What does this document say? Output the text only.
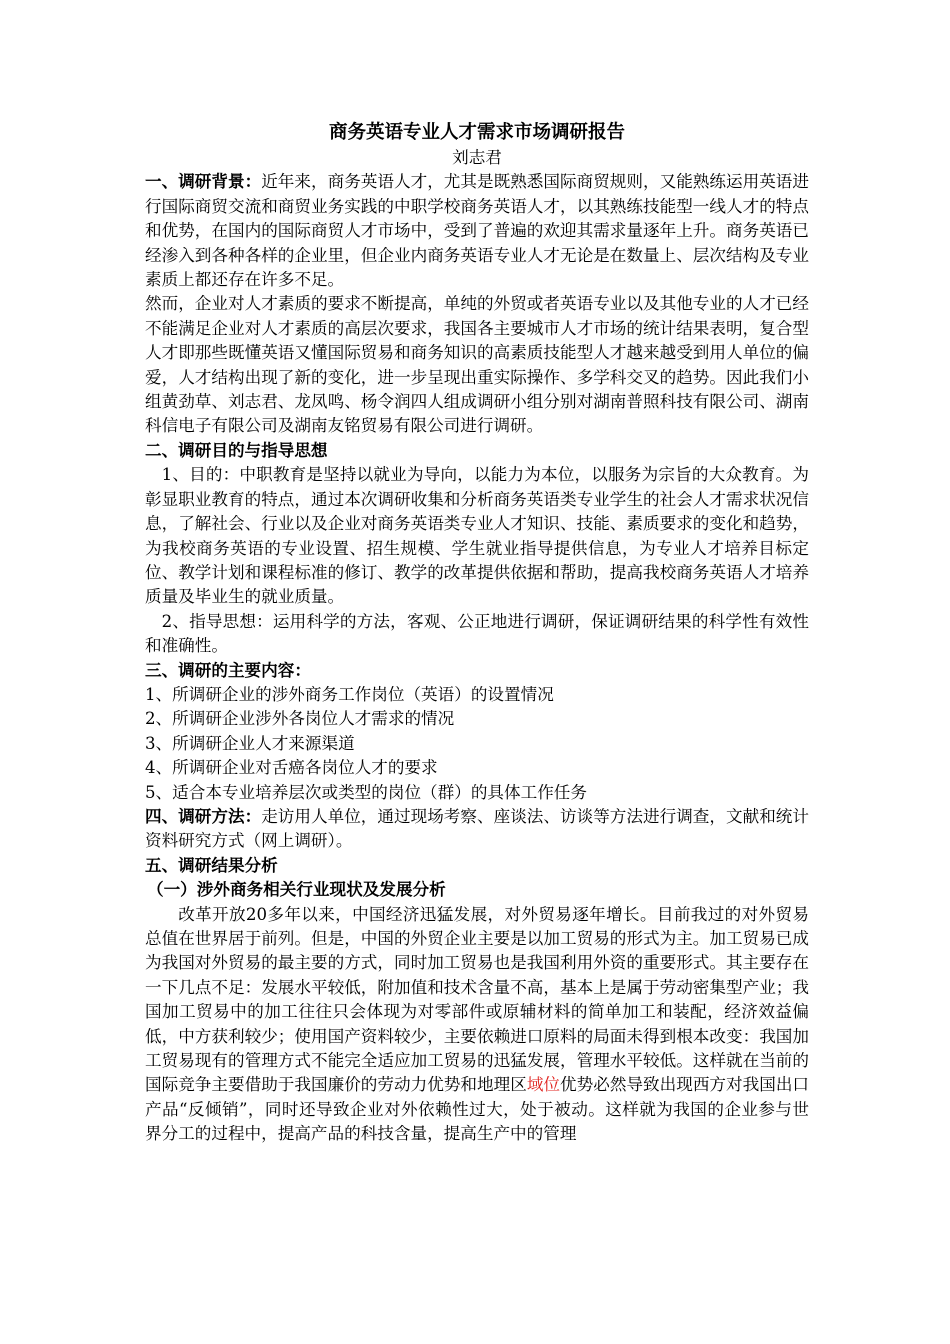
商务英语专业人才需求市场调研报告

刘志君

一、调研背景：近年来，商务英语人才，尤其是既熟悉国际商贸规则，又能熟练运用英语进行国际商贸交流和商贸业务实践的中职学校商务英语人才，以其熟练技能型一线人才的特点和优势，在国内的国际商贸人才市场中，受到了普遍的欢迎其需求量逐年上升。商务英语已经渗入到各种各样的企业里，但企业内商务英语专业人才无论是在数量上、层次结构及专业素质上都还存在许多不足。

然而，企业对人才素质的要求不断提高，单纯的外贸或者英语专业以及其他专业的人才已经不能满足企业对人才素质的高层次要求，我国各主要城市人才市场的统计结果表明，复合型人才即那些既懂英语又懂国际贸易和商务知识的高素质技能型人才越来越受到用人单位的偏爱，人才结构出现了新的变化，进一步呈现出重实际操作、多学科交叉的趋势。因此我们小组黄劲草、刘志君、龙凤鸣、杨令润四人组成调研小组分别对湖南普照科技有限公司、湖南科信电子有限公司及湖南友铭贸易有限公司进行调研。

二、调研目的与指导思想

1、目的：中职教育是坚持以就业为导向，以能力为本位，以服务为宗旨的大众教育。为彰显职业教育的特点，通过本次调研收集和分析商务英语类专业学生的社会人才需求状况信息，了解社会、行业以及企业对商务英语类专业人才知识、技能、素质要求的变化和趋势，为我校商务英语的专业设置、招生规模、学生就业指导提供信息，为专业人才培养目标定位、教学计划和课程标准的修订、教学的改革提供依据和帮助，提高我校商务英语人才培养质量及毕业生的就业质量。

2、指导思想：运用科学的方法，客观、公正地进行调研，保证调研结果的科学性有效性和准确性。

三、调研的主要内容：

1、所调研企业的涉外商务工作岗位（英语）的设置情况

2、所调研企业涉外各岗位人才需求的情况

3、所调研企业人才来源渠道

4、所调研企业对舌癌各岗位人才的要求

5、适合本专业培养层次或类型的岗位（群）的具体工作任务

四、调研方法：走访用人单位，通过现场考察、座谈法、访谈等方法进行调查，文献和统计资料研究方式（网上调研）。

五、调研结果分析

（一）涉外商务相关行业现状及发展分析

改革开放20多年以来，中国经济迅猛发展，对外贸易逐年增长。目前我过的对外贸易总值在世界居于前列。但是，中国的外贸企业主要是以加工贸易的形式为主。加工贸易已成为我国对外贸易的最主要的方式，同时加工贸易也是我国利用外资的重要形式。其主要存在一下几点不足：发展水平较低，附加值和技术含量不高，基本上是属于劳动密集型产业；我国加工贸易中的加工往往只会体现为对零部件或原辅材料的简单加工和装配，经济效益偏低，中方获利较少；使用国产资料较少，主要依赖进口原料的局面未得到根本改变：我国加工贸易现有的管理方式不能完全适应加工贸易的迅猛发展，管理水平较低。这样就在当前的国际竞争主要借助于我国廉价的劳动力优势和地理区域位优势必然导致出现西方对我国出口产品“反倾销”，同时还导致企业对外依赖性过大，处于被动。这样就为我国的企业参与世界分工的过程中，提高产品的科技含量，提高生产中的管理
